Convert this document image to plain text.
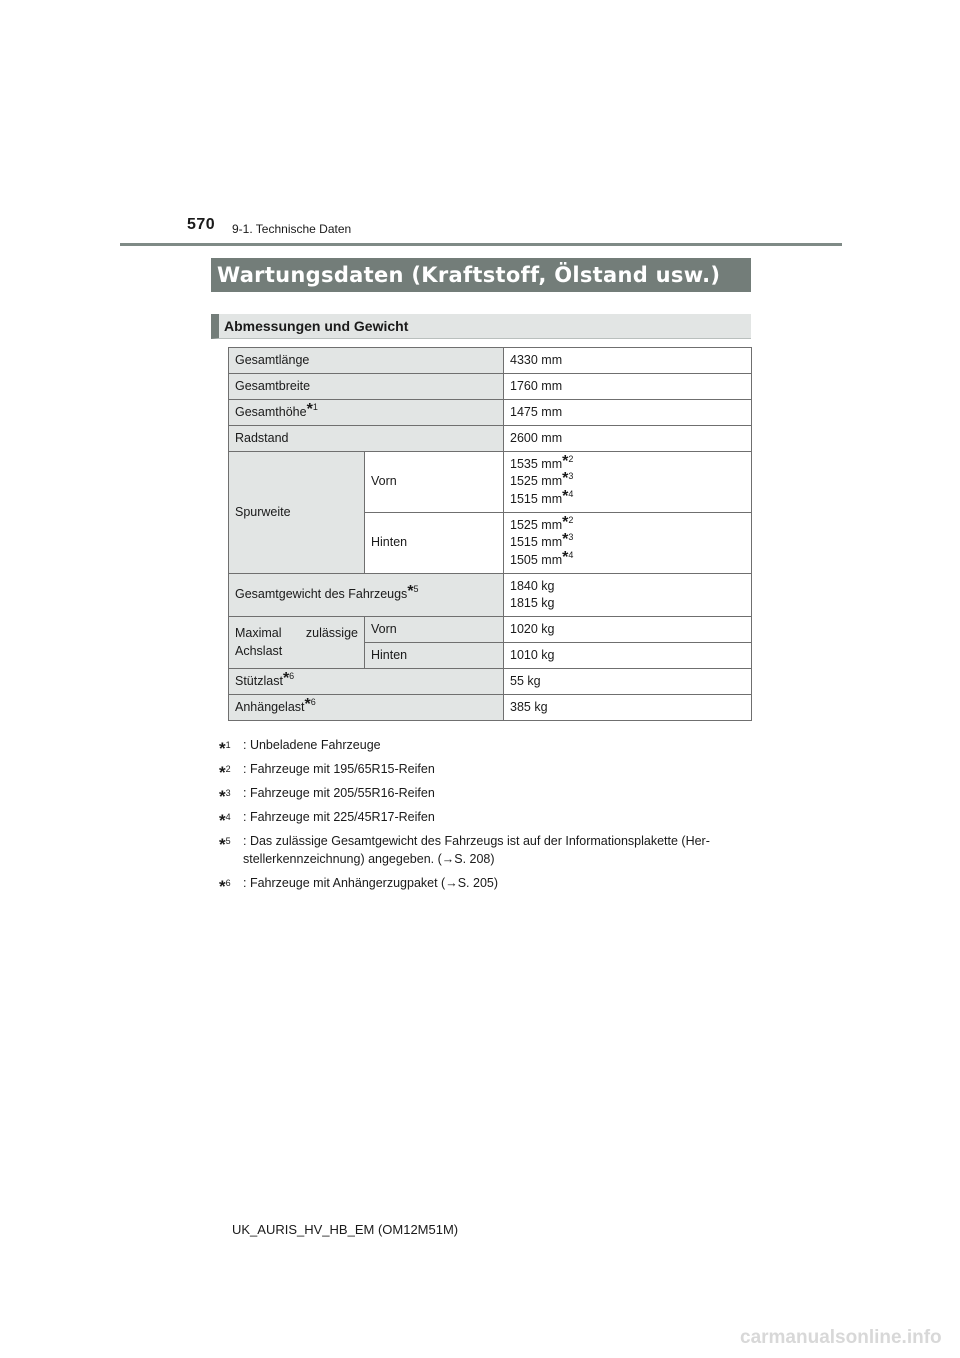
570 9-1. Technische Daten
Wartungsdaten (Kraftstoff, Ölstand usw.)
Abmessungen und Gewicht
Gesamtlänge		4330 mm
Gesamtbreite		1760 mm
Gesamthöhe$^{*1}$		1475 mm
Radstand		2600 mm
Spurweite	Vorn	1535 $mm^{*2}$
1525 $mm^{*3}$
1515 $mm^{*4}$

	Hinten	1525 $mm^{*2}$
1515 $mm^{*3}$
1505 $mm^{*4}$

Gesamtgewicht des Fahrzeugs$^{*5}$		1840 kg
1815 kg

Maximal zulässige Achslast	Vorn	1020 kg
	Hinten	1010 kg
Stützlast$^{*6}$		55 kg
Anhängelast$^{*6}$		385 kg
*$^1$ : Unbeladene Fahrzeuge
*$^2$ : Fahrzeuge mit 195/65R15-Reifen
*$^3$ : Fahrzeuge mit 205/55R16-Reifen
*$^4$ : Fahrzeuge mit 225/45R17-Reifen
*$^5$ : Das zulässige Gesamtgewicht des Fahrzeugs ist auf der Informationsplakette (Her-stellerkennzeichnung) angegeben. (→S. 208)
*$^6$ : Fahrzeuge mit Anhängerzugpaket (→S. 205)
UK_AURIS_HV_HB_EM (OM12M51M)
carmanualsonline.info
